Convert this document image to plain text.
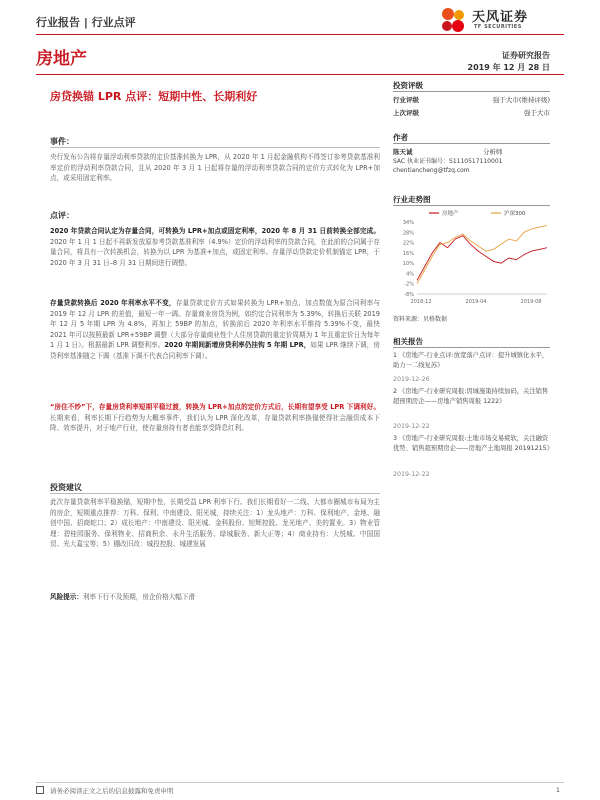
行业报告 | 行业点评	天风证券
TF SECURITIES
房地产	证券研究报告
2019 年 12 月 28 日
房贷换锚 LPR 点评：短期中性、长期利好
投资评级
行业评级	强于大市(维持评级)
上次评级	强于大市
作者
陈天诚	分析师
SAC 执业证书编号：S1110517110001
chentiancheng@tfzq.com
行业走势图
34%
28%
22%
16%
10%
4%
-2%
-8%
2018-12	2019-04	2019-08
房地产	沪深300
资料来源：贝格数据
相关报告
1 《房地产-行业点评:放宽落户点评：提升城镇化水平，助力一二线复苏》
2019-12-26
2 《房地产-行业研究周报:因城施策持续加码，关注销售超预期房企——房地产销售周报 1222》
2019-12-22
3 《房地产-行业研究周报:土地市场交易疲软，关注融资优势、销售超预期房企——房地产土地周报 20191215》
2019-12-22
事件：
央行发布公告将存量浮动利率贷款的定价基准转换为 LPR，从 2020 年 1 月起金融机构不得签订参考贷款基准利率定价的浮动利率贷款合同，且从 2020 年 3 月 1 日起将存量的浮动利率贷款合同的定价方式转化为 LPR+加点，或采用固定利率。
点评：
2020 年贷款合同认定为存量合同，可转换为 LPR+加点或固定利率，2020 年 8 月 31 日前转换全部完成。2020 年 1 月 1 日起不再新发放原参考贷款基准利率（4.9%）定价的浮动利率的贷款合同，在此前的合同属于存量合同，将具有一次转换机会，转换为以 LPR 为基准+加点，或固定利率。存量浮动贷款定价机制锚定 LPR，于 2020 年 3 月 31 日–8 月 31 日期间进行调整。
存量贷款转换后 2020 年利率水平不变，存量贷款定价方式如果转换为 LPR+加点，加点数值为原合同利率与 2019 年 12 月 LPR 的差值，最短一年一调。存量商业房贷为例，如约定合同利率为 5.39%，转换后关联 2019 年 12 月 5 年期 LPR 为 4.8%，再加上 59BP 的加点，转换前后 2020 年利率水平维持 5.39%不变，最快 2021 年可以按照最新 LPR+59BP 调整（大部分存量商业性个人住房贷款的重定价周期为 1 年且重定价日为每年 1 月 1 日）。根据最新 LPR 调整利率。2020 年期间新增房贷利率仍挂钩 5 年期 LPR，如果 LPR 继续下调，房贷利率基准随之下调（基准下调不代表合同利率下调）。
“房住不炒”下，存量房贷利率短期平稳过渡，转换为 LPR+加点的定价方式后，长期有望享受 LPR 下调利好。长期来看，利率长期下行趋势为大概率事件，我们认为 LPR 深化改革，存量贷款利率换锚使得社会融资成本下降、效率提升，对于地产行业，使存量房持有者也能享受降息红利。
投资建议
此次存量贷款利率平稳换锚，短期中性，长期受益 LPR 利率下行。我们长期看好一二线、大都市圈城市布局为主的房企，短期重点推荐：万科、保利、中南建设、阳光城，持续关注：1）龙头地产：万科、保利地产、金地、融创中国、招商蛇口；2）成长地产：中南建设、阳光城、金科股份、旭辉控股、龙光地产、美的置业。3）物业管理：碧桂园服务、保利物业、招商积余、永升生活服务、绿城服务、新大正等；4）商业持有：大悦城、中国国贸、光大嘉宝等；5）棚改旧改：城投控股、城建发展
风险提示：利率下行不及预期，房企价格大幅下滑
请务必阅读正文之后的信息披露和免责申明	1
